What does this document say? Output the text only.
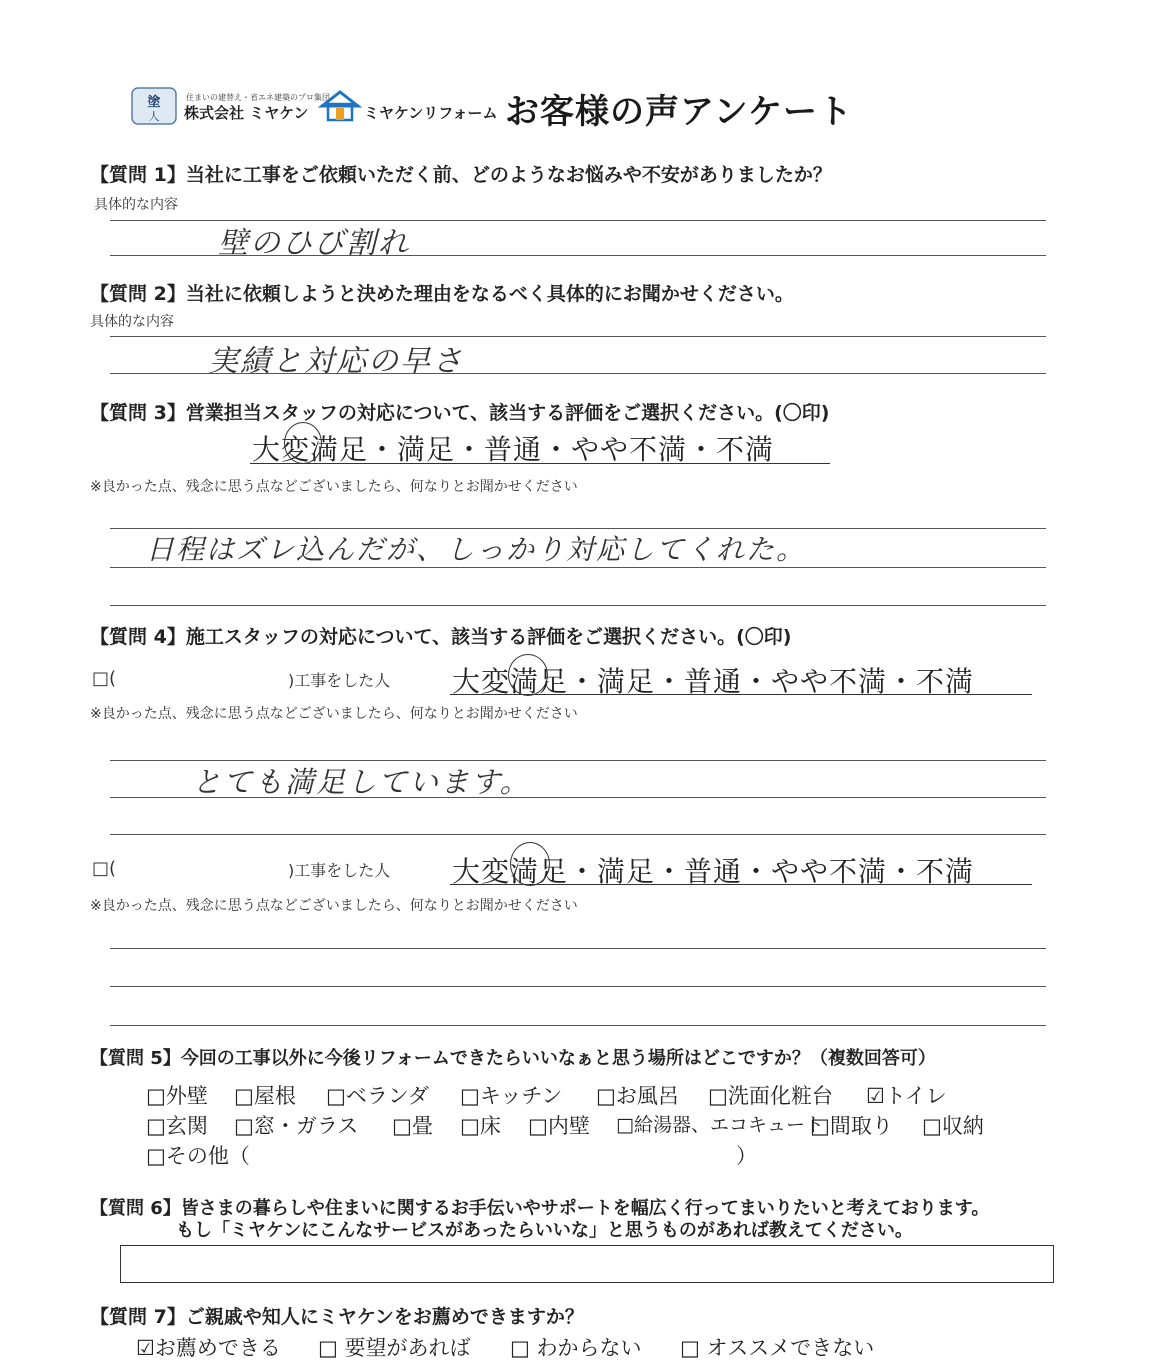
塗
人
住まいの建替え・省エネ建築のプロ集団
株式会社 ミヤケン	ミヤケンリフォーム お客様の声アンケート
【質問 1】当社に工事をご依頼いただく前、どのようなお悩みや不安がありましたか？
具体的な内容
壁のひび割れ
【質問 2】当社に依頼しようと決めた理由をなるべく具体的にお聞かせください。
具体的な内容
実績と対応の早さ
【質問 3】営業担当スタッフの対応について、該当する評価をご選択ください。(〇印)
大変満足・満足・普通・やや不満・不満
※良かった点、残念に思う点などございましたら、何なりとお聞かせください
日程はズレ込んだが、しっかり対応してくれた。
【質問 4】施工スタッフの対応について、該当する評価をご選択ください。(〇印)
□(	)工事をした人 大変満足・満足・普通・やや不満・不満
※良かった点、残念に思う点などございましたら、何なりとお聞かせください
とても満足しています。
□(	)工事をした人 大変満足・満足・普通・やや不満・不満
※良かった点、残念に思う点などございましたら、何なりとお聞かせください
【質問 5】今回の工事以外に今後リフォームできたらいいなぁと思う場所はどこですか？（複数回答可）
□外壁 □屋根 □ベランダ □キッチン □お風呂 □洗面化粧台 ☑トイレ
□玄関 □窓・ガラス □畳 □床 □内壁 □給湯器、エコキュート
□間取り □収納
□その他（	）
【質問 6】皆さまの暮らしや住まいに関するお手伝いやサポートを幅広く行ってまいりたいと考えております。
もし「ミヤケンにこんなサービスがあったらいいな」と思うものがあれば教えてください。
【質問 7】ご親戚や知人にミヤケンをお薦めできますか？
☑お薦めできる □ 要望があれば □ わからない □ オススメできない
